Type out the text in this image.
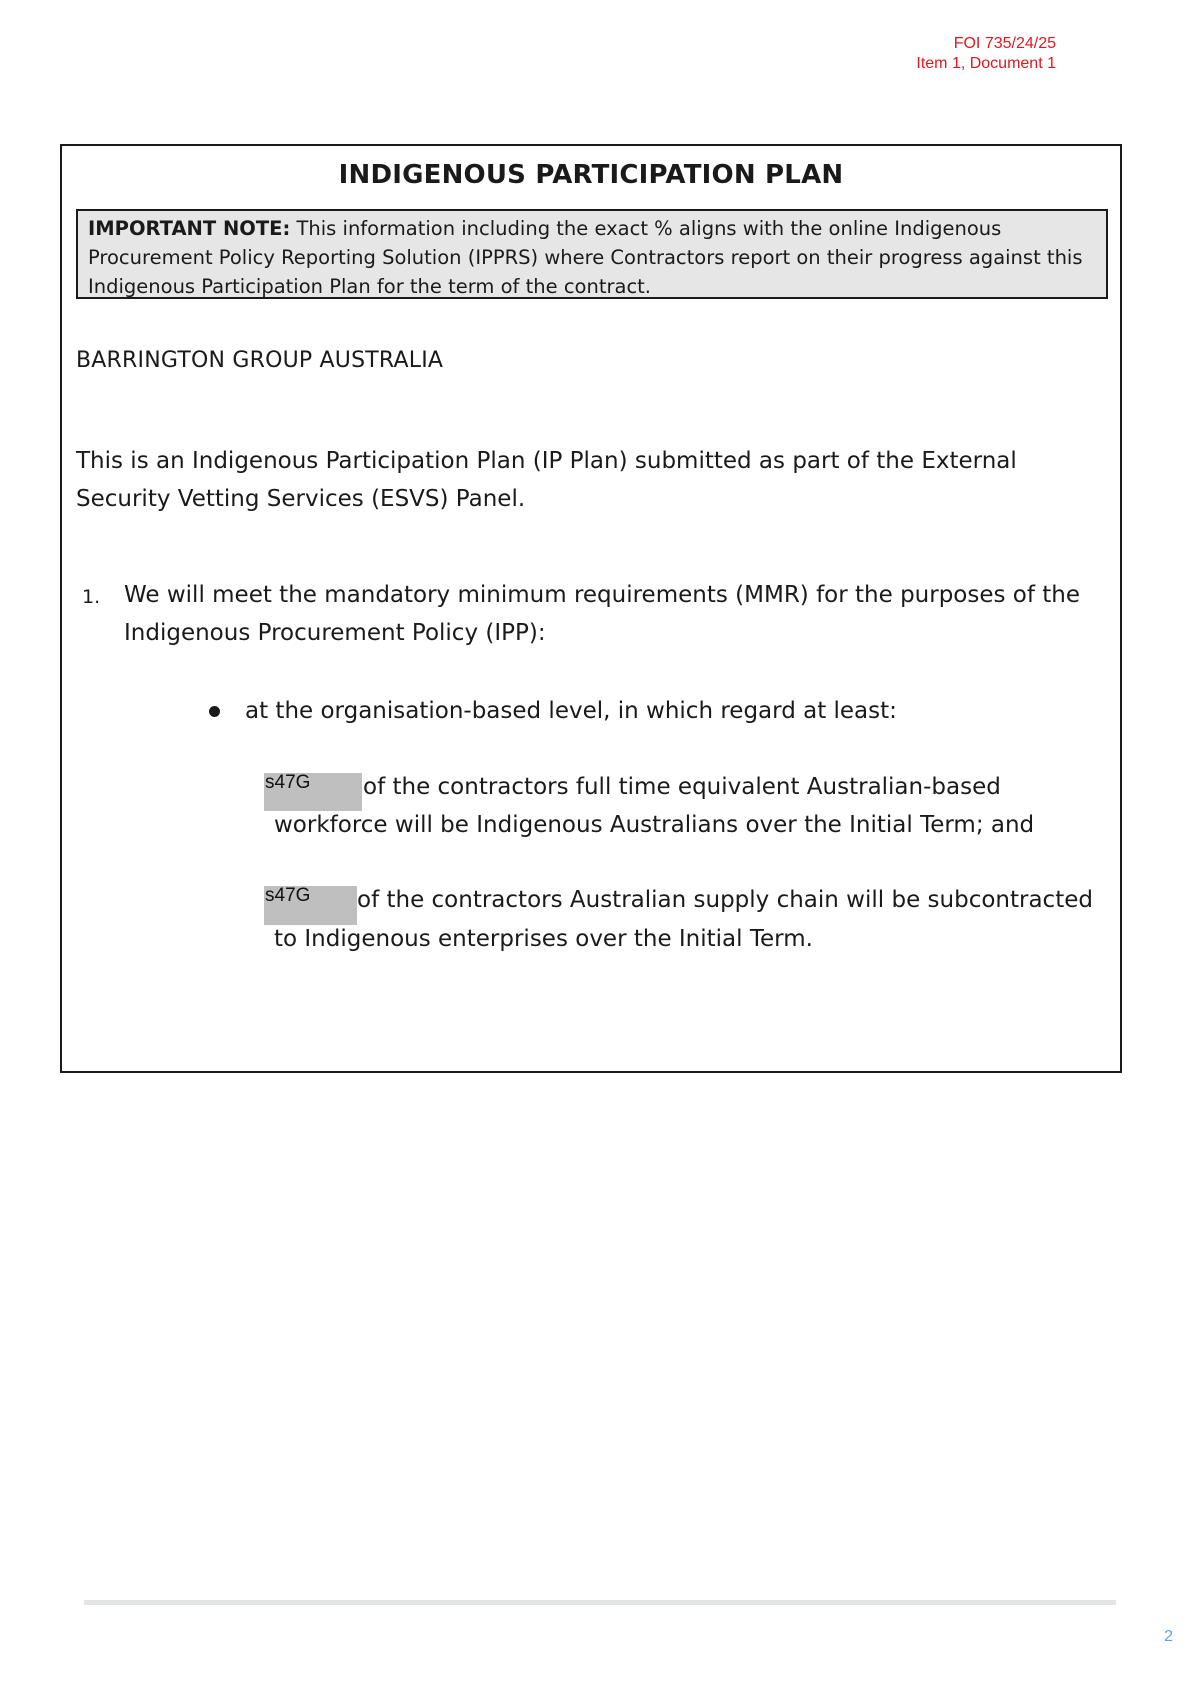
FOI 735/24/25
Item 1, Document 1
INDIGENOUS PARTICIPATION PLAN
IMPORTANT NOTE: This information including the exact % aligns with the online Indigenous Procurement Policy Reporting Solution (IPPRS) where Contractors report on their progress against this Indigenous Participation Plan for the term of the contract.
BARRINGTON GROUP AUSTRALIA
This is an Indigenous Participation Plan (IP Plan) submitted as part of the External Security Vetting Services (ESVS) Panel.
1. We will meet the mandatory minimum requirements (MMR) for the purposes of the Indigenous Procurement Policy (IPP):
at the organisation-based level, in which regard at least:
s47G	of the contractors full time equivalent Australian-based
workforce will be Indigenous Australians over the Initial Term; and
s47G	of the contractors Australian supply chain will be subcontracted
to Indigenous enterprises over the Initial Term.
2
